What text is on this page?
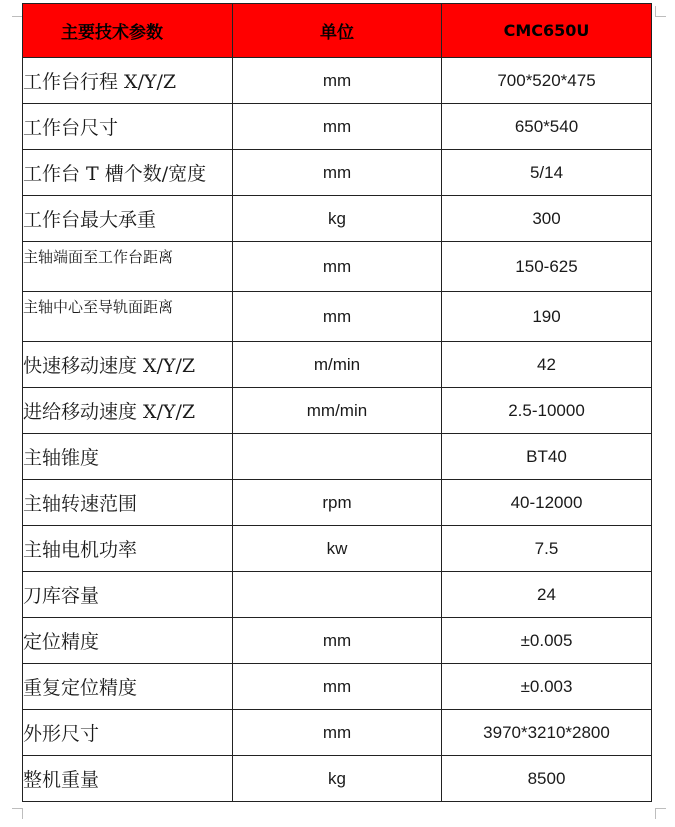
主要技术参数	单位	CMC650U
工作台行程 X/Y/Z	mm	700*520*475
工作台尺寸	mm	650*540
工作台 T 槽个数/宽度	mm	5/14
工作台最大承重	kg	300
主轴端面至工作台距离	mm	150-625
主轴中心至导轨面距离	mm	190
快速移动速度 X/Y/Z	m/min	42
进给移动速度 X/Y/Z	mm/min	2.5-10000
主轴锥度		BT40
主轴转速范围	rpm	40-12000
主轴电机功率	kw	7.5
刀库容量		24
定位精度	mm	±0.005
重复定位精度	mm	±0.003
外形尺寸	mm	3970*3210*2800
整机重量	kg	8500
